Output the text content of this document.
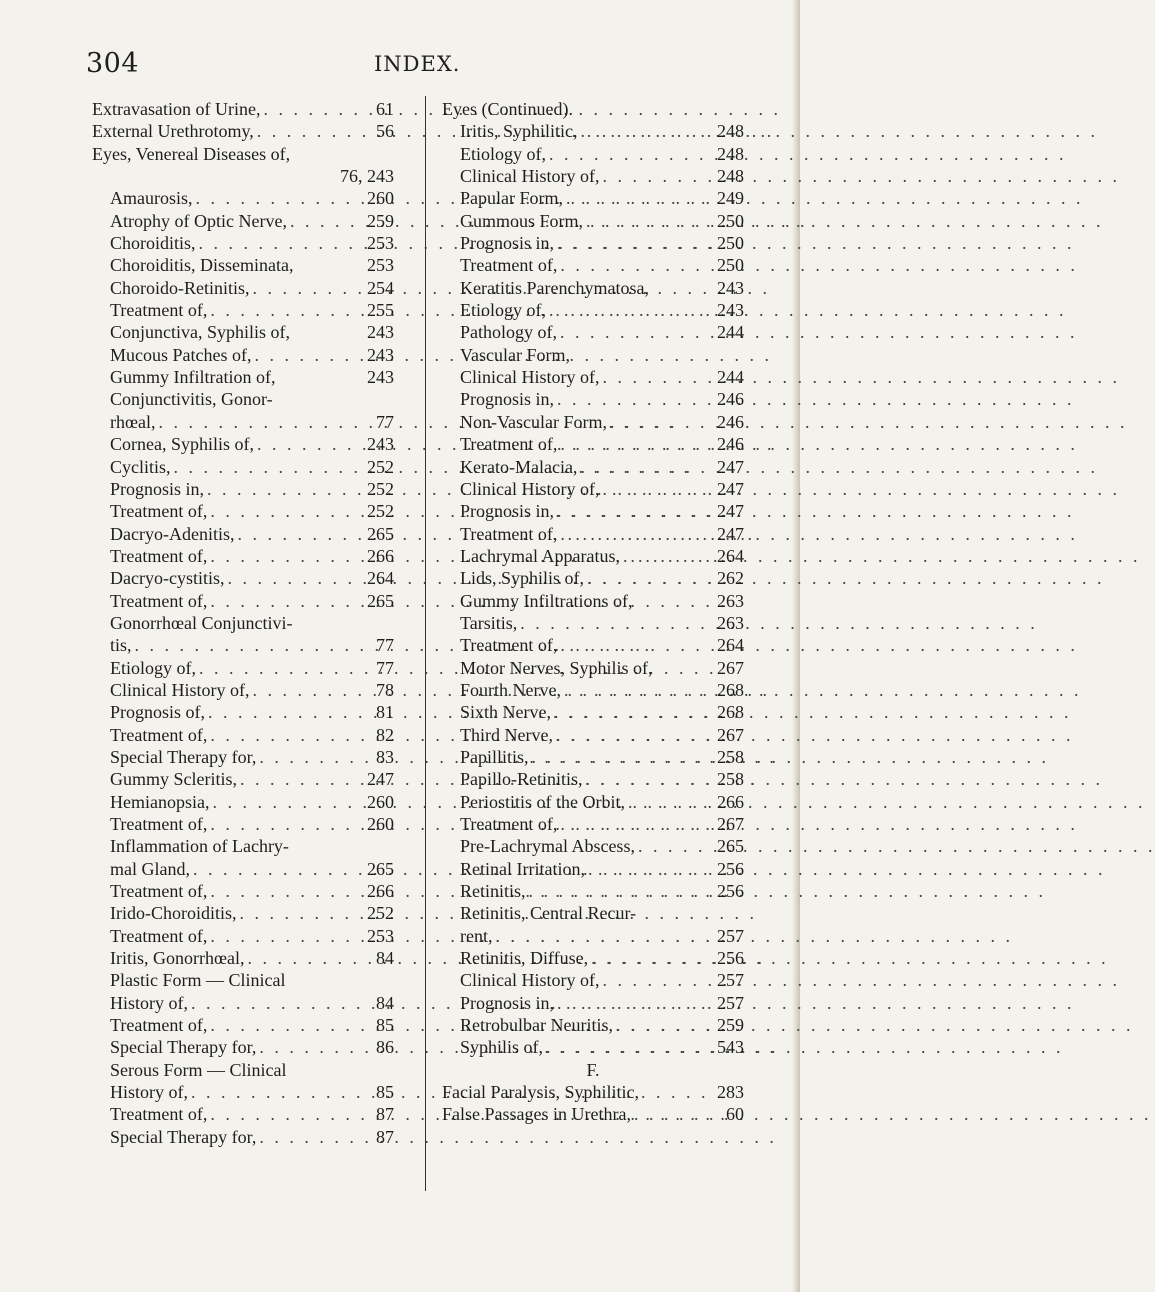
304	INDEX.
Extravasation of Urine, . . .	61
External Urethrotomy, . . .	56
Eyes, Venereal Diseases of,
76, 243
Amaurosis, . . .	260
Atrophy of Optic Nerve, . . .	259
Choroiditis, . . .	253
Choroiditis, Disseminata,	253
Choroido-Retinitis, . . .	254
Treatment of, . . .	255
Conjunctiva, Syphilis of,	243
Mucous Patches of, . . .	243
Gummy Infiltration of,	243
Conjunctivitis, Gonor-
rhœal, . . .	77
Cornea, Syphilis of, . . .	243
Cyclitis, . . .	252
Prognosis in, . . .	252
Treatment of, . . .	252
Dacryo-Adenitis, . . .	265
Treatment of, . . .	266
Dacryo-cystitis, . . .	264
Treatment of, . . .	265
Gonorrhœal Conjunctivi-
tis, . . .	77
Etiology of, . . .	77
Clinical History of, . . .	78
Prognosis of, . . .	81
Treatment of, . . .	82
Special Therapy for, . . .	83
Gummy Scleritis, . . .	247
Hemianopsia, . . .	260
Treatment of, . . .	260
Inflammation of Lachry-
mal Gland, . . .	265
Treatment of, . . .	266
Irido-Choroiditis, . . .	252
Treatment of, . . .	253
Iritis, Gonorrhœal, . . .	84
Plastic Form — Clinical
History of, . . .	84
Treatment of, . . .	85
Special Therapy for, . . .	86
Serous Form — Clinical
History of, . . .	85
Treatment of, . . .	87
Special Therapy for, . . .	87
Eyes (Continued).
Iritis, Syphilitic, . . .	248
Etiology of, . . .	248
Clinical History of, . . .	248
Papular Form, . . .	249
Gummous Form, . . .	250
Prognosis in, . . .	250
Treatment of, . . .	250
Keratitis Parenchymatosa,	243
Etiology of, . . .	243
Pathology of, . . .	244
Vascular Form,
Clinical History of, . . .	244
Prognosis in, . . .	246
Non-Vascular Form, . . .	246
Treatment of, . . .	246
Kerato-Malacia, . . .	247
Clinical History of, . . .	247
Prognosis in, . . .	247
Treatment of, . . .	247
Lachrymal Apparatus, . . .	264
Lids, Syphilis of, . . .	262
Gummy Infiltrations of,	263
Tarsitis, . . .	263
Treatment of, . . .	264
Motor Nerves, Syphilis of,	267
Fourth Nerve, . . .	268
Sixth Nerve, . . .	268
Third Nerve, . . .	267
Papillitis, . . .	258
Papillo-Retinitis, . . .	258
Periostitis of the Orbit, . . .	266
Treatment of, . . .	267
Pre-Lachrymal Abscess, . . .	265
Retinal Irritation, . . .	256
Retinitis, . . .	256
Retinitis, Central Recur-
rent, . . .	257
Retinitis, Diffuse, . . .	256
Clinical History of, . . .	257
Prognosis in, . . .	257
Retrobulbar Neuritis, . . .	259
Syphilis of, . . .	543
F.
Facial Paralysis, Syphilitic,	283
False Passages in Urethra, . . .	60
